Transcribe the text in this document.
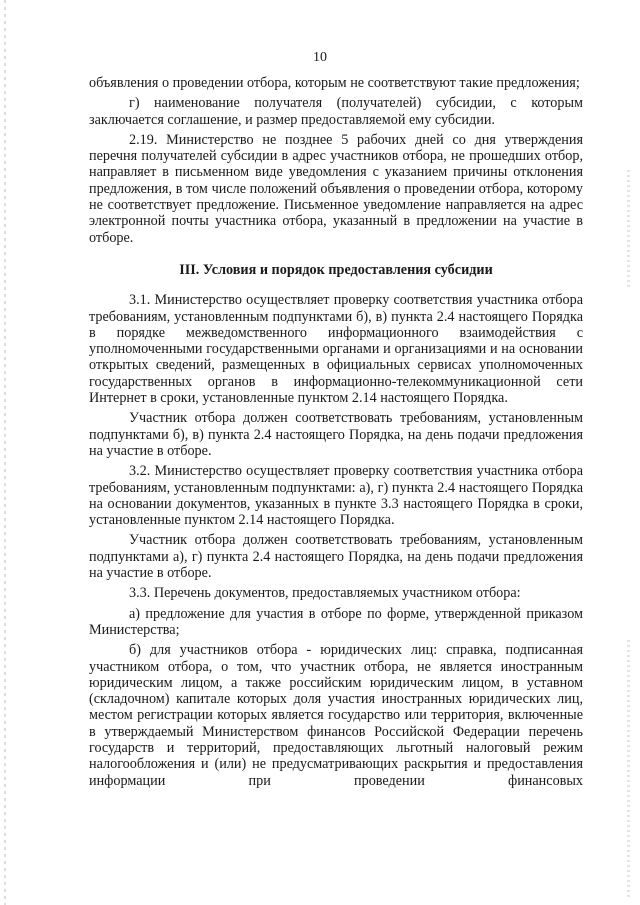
10

объявления о проведении отбора, которым не соответствуют такие предложения;

г) наименование получателя (получателей) субсидии, с которым заключается соглашение, и размер предоставляемой ему субсидии.

2.19. Министерство не позднее 5 рабочих дней со дня утверждения перечня получателей субсидии в адрес участников отбора, не прошедших отбор, направляет в письменном виде уведомления с указанием причины отклонения предложения, в том числе положений объявления о проведении отбора, которому не соответствует предложение. Письменное уведомление направляется на адрес электронной почты участника отбора, указанный в предложении на участие в отборе.

III. Условия и порядок предоставления субсидии

3.1. Министерство осуществляет проверку соответствия участника отбора требованиям, установленным подпунктами б), в) пункта 2.4 настоящего Порядка в порядке межведомственного информационного взаимодействия с уполномоченными государственными органами и организациями и на основании открытых сведений, размещенных в официальных сервисах уполномоченных государственных органов в информационно-телекоммуникационной сети Интернет в сроки, установленные пунктом 2.14 настоящего Порядка.

Участник отбора должен соответствовать требованиям, установленным подпунктами б), в) пункта 2.4 настоящего Порядка, на день подачи предложения на участие в отборе.

3.2. Министерство осуществляет проверку соответствия участника отбора требованиям, установленным подпунктами: а), г) пункта 2.4 настоящего Порядка на основании документов, указанных в пункте 3.3 настоящего Порядка в сроки, установленные пунктом 2.14 настоящего Порядка.

Участник отбора должен соответствовать требованиям, установленным подпунктами а), г) пункта 2.4 настоящего Порядка, на день подачи предложения на участие в отборе.

3.3. Перечень документов, предоставляемых участником отбора:

а) предложение для участия в отборе по форме, утвержденной приказом Министерства;

б) для участников отбора - юридических лиц: справка, подписанная участником отбора, о том, что участник отбора, не является иностранным юридическим лицом, а также российским юридическим лицом, в уставном (складочном) капитале которых доля участия иностранных юридических лиц, местом регистрации которых является государство или территория, включенные в утверждаемый Министерством финансов Российской Федерации перечень государств и территорий, предоставляющих льготный налоговый режим налогообложения и (или) не предусматривающих раскрытия и предоставления информации при проведении финансовых
